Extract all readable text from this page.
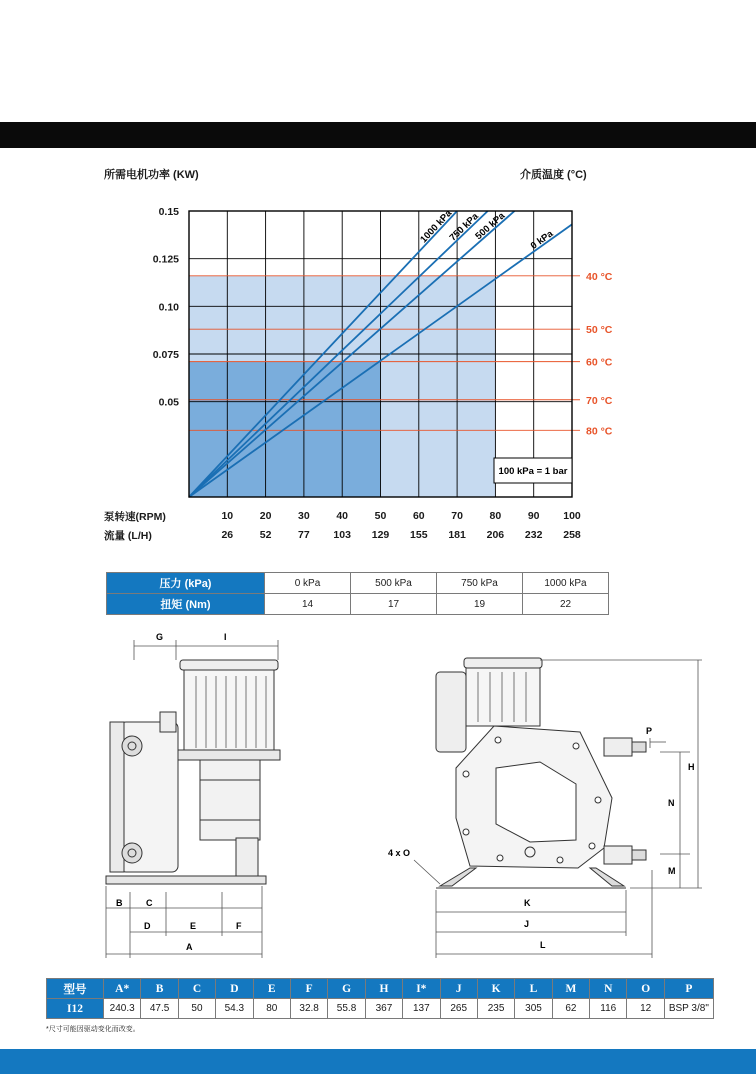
所需电机功率 (KW)	介质温度 (°C)
40 °C
50 °C
60 °C
70 °C
80 °C
1000 kPa
750 kPa
500 kPa 0 kPa
0.15
0.125
0.10
0.075
0.05
10
26
20
52
30
77
40
103
50
129
60
155
70
181
80
206
90
232
100
258
100 kPa = 1 bar
泵转速(RPM)
流量 (L/H)
压力 (kPa)	0 kPa	500 kPa	750 kPa	1000 kPa
扭矩 (Nm)	14	17	19	22
G	I
B	C
D	E	F
A
P
H
N
M
K
J
L
4 x O
型号	A*	B	C	D	E	F	G	H	I*	J	K	L	M	N	O	P
I12	240.3	47.5	50	54.3	80	32.8	55.8	367	137	265	235	305	62	116	12	BSP 3/8"
*尺寸可能因驱动变化而改变。
